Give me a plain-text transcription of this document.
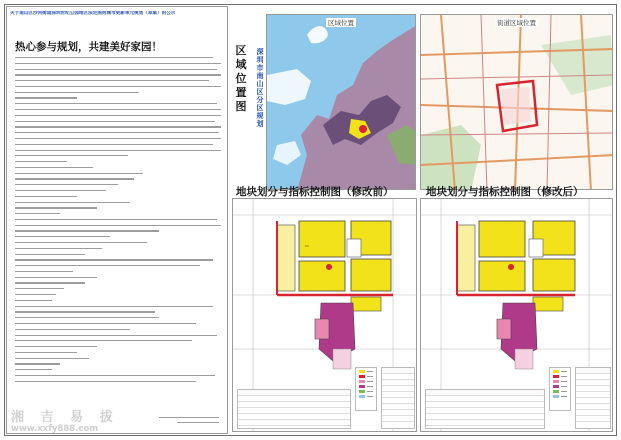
关于南山区沙河街道深圳世纪公园地区法定图则城市更新单元规划（草案）的公示
热心参与规划，共建美好家园！
湘 吉 易 拔
www.xxfy888.com
区域位置
区域位置图
深圳市南山区分区规划
街道区域位置
地块划分与指标控制图（修改前）
▭
地块划分与指标控制图（修改后）
